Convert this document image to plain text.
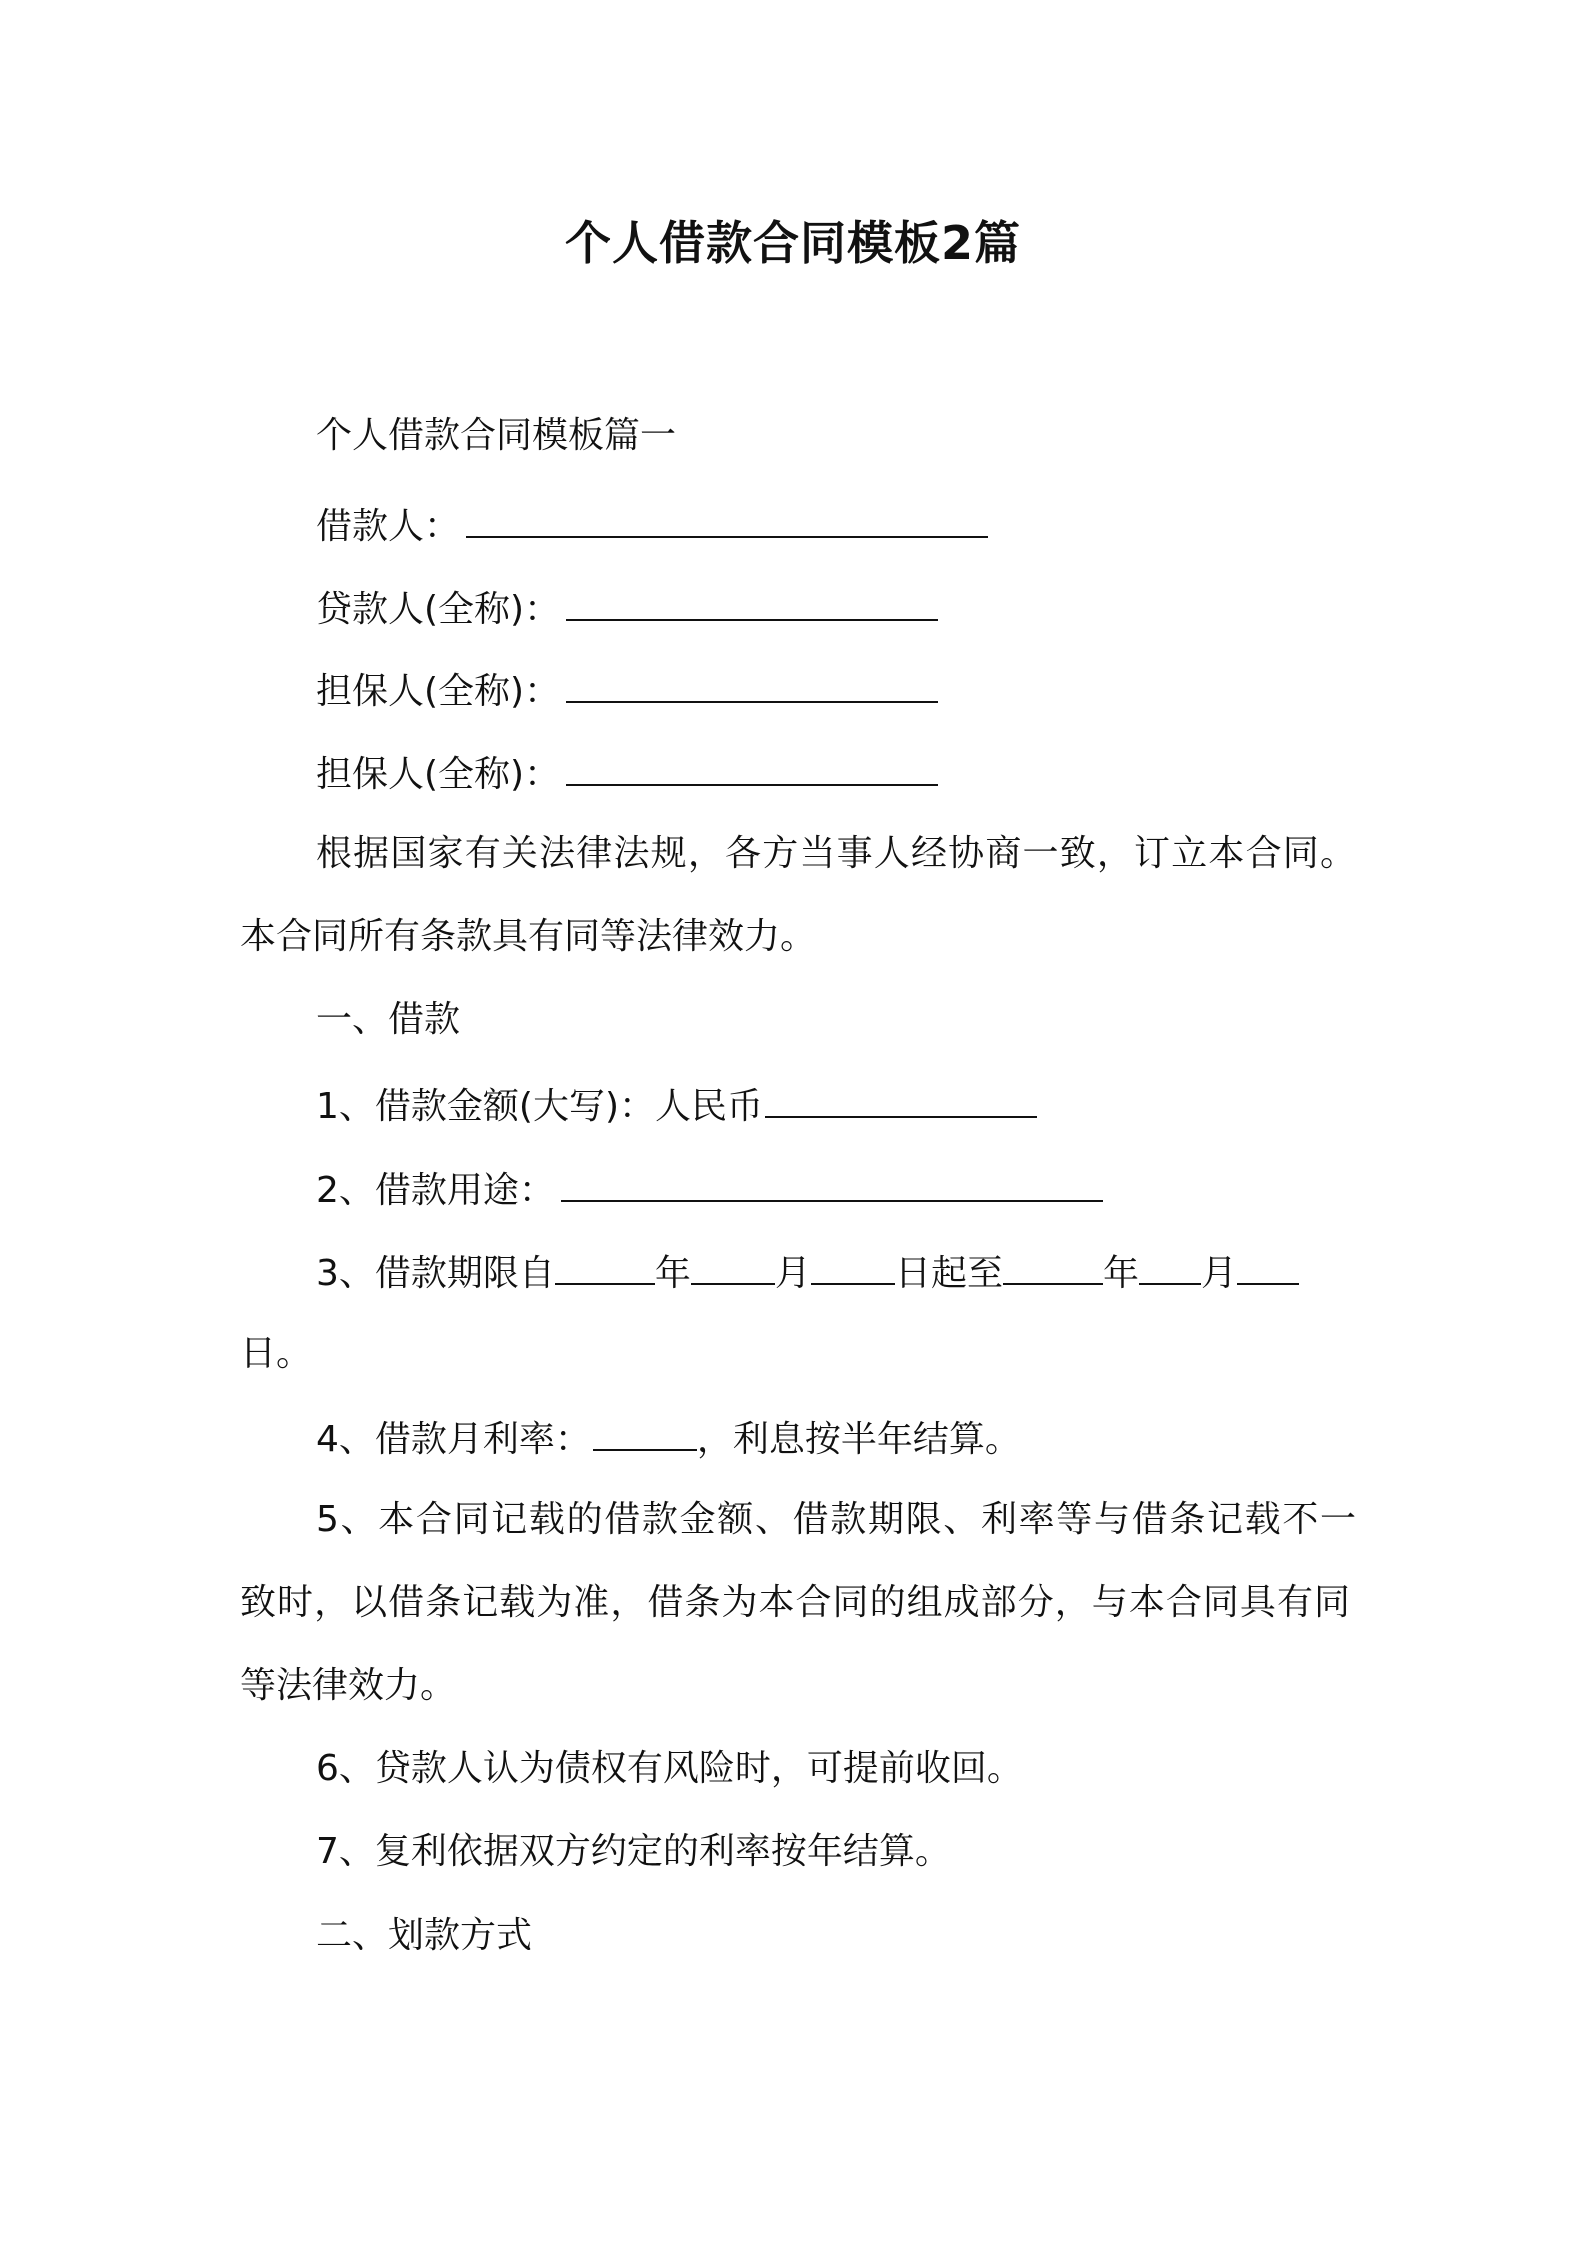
个人借款合同模板2篇
个人借款合同模板篇一
借款人：
贷款人(全称)：
担保人(全称)：
担保人(全称)：
根据国家有关法律法规，各方当事人经协商一致，订立本合同。
本合同所有条款具有同等法律效力。
一、借款
1、借款金额(大写)：人民币
2、借款用途：
3、借款期限自	年 月 日起至	年 月
日。
4、借款月利率：	，利息按半年结算。
5、本合同记载的借款金额、借款期限、利率等与借条记载不一
致时，以借条记载为准，借条为本合同的组成部分，与本合同具有同
等法律效力。
6、贷款人认为债权有风险时，可提前收回。
7、复利依据双方约定的利率按年结算。
二、划款方式
